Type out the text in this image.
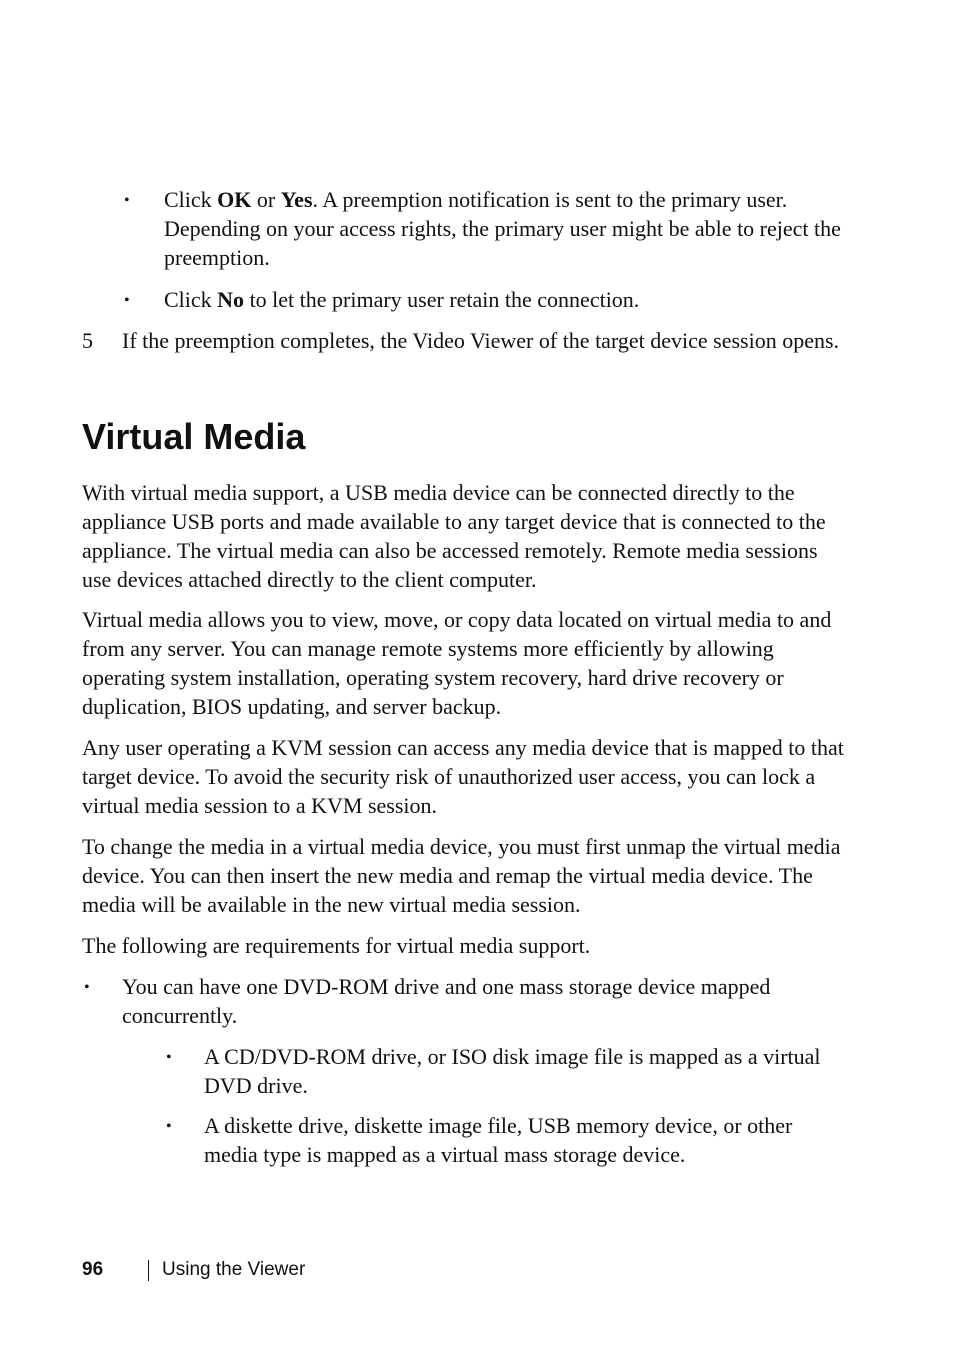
• Click OK or Yes. A preemption notification is sent to the primary user. Depending on your access rights, the primary user might be able to reject the preemption.
• Click No to let the primary user retain the connection.
5 If the preemption completes, the Video Viewer of the target device session opens.
Virtual Media

With virtual media support, a USB media device can be connected directly to the appliance USB ports and made available to any target device that is connected to the appliance. The virtual media can also be accessed remotely. Remote media sessions use devices attached directly to the client computer.

Virtual media allows you to view, move, or copy data located on virtual media to and from any server. You can manage remote systems more efficiently by allowing operating system installation, operating system recovery, hard drive recovery or duplication, BIOS updating, and server backup.

Any user operating a KVM session can access any media device that is mapped to that target device. To avoid the security risk of unauthorized user access, you can lock a virtual media session to a KVM session.

To change the media in a virtual media device, you must first unmap the virtual media device. You can then insert the new media and remap the virtual media device. The media will be available in the new virtual media session.

The following are requirements for virtual media support.

• You can have one DVD-ROM drive and one mass storage device mapped concurrently.
• A CD/DVD-ROM drive, or ISO disk image file is mapped as a virtual DVD drive.
• A diskette drive, diskette image file, USB memory device, or other media type is mapped as a virtual mass storage device.
96	Using the Viewer
